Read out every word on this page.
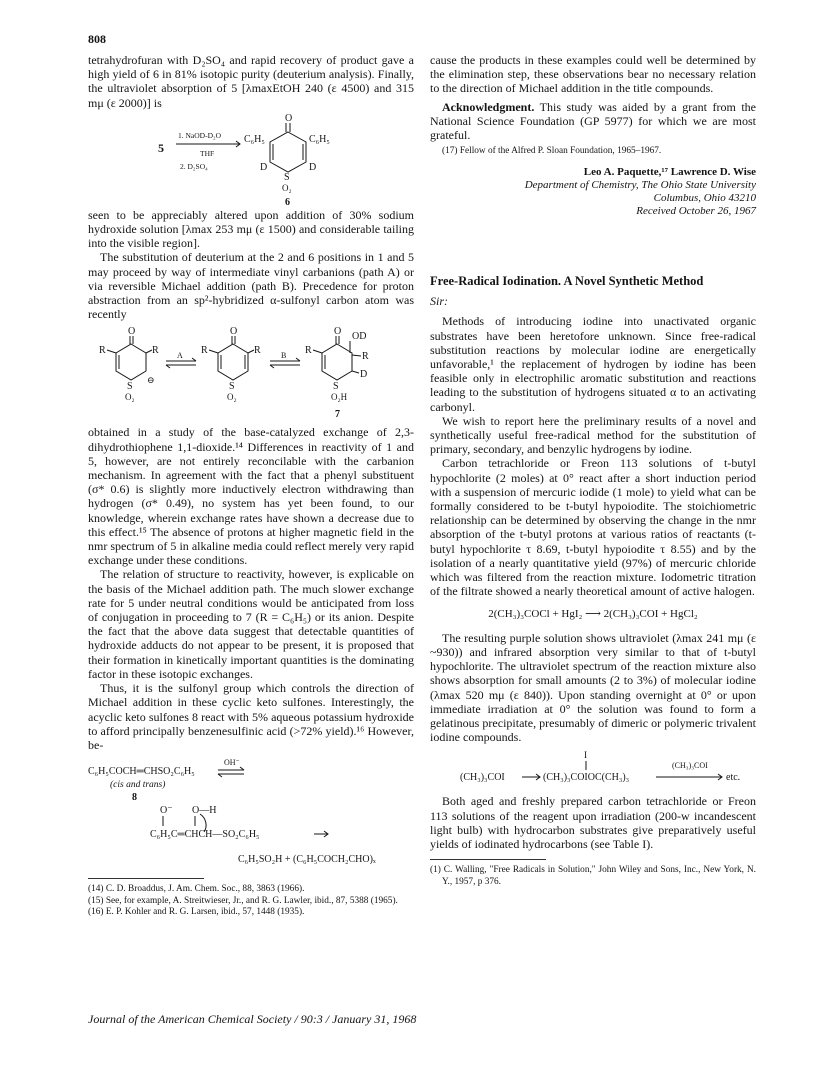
808

tetrahydrofuran with D₂SO₄ and rapid recovery of product gave a high yield of 6 in 81% isotopic purity (deuterium analysis). Finally, the ultraviolet absorption of 5 [λmaxEtOH 240 (ε 4500) and 315 mμ (ε 2000)] is

5
1. NaOD-D₂O
THF
2. D₂SO₄
O
C₆H₅	C₆H₅
D	D
S
O₂
6

seen to be appreciably altered upon addition of 30% sodium hydroxide solution [λmax 253 mμ (ε 1500) and considerable tailing into the visible region].

The substitution of deuterium at the 2 and 6 positions in 1 and 5 may proceed by way of intermediate vinyl carbanions (path A) or via reversible Michael addition (path B). Precedence for proton abstraction from an sp²-hybridized α-sulfonyl carbon atom was recently

O
R	R
S
⊖
O₂
A
O
R	R
S
O₂
B
O OD
R
R
D
S
O₂H
7

obtained in a study of the base-catalyzed exchange of 2,3-dihydrothiophene 1,1-dioxide.¹⁴ Differences in reactivity of 1 and 5, however, are not entirely reconcilable with the carbanion mechanism. In agreement with the fact that a phenyl substituent (σ* 0.6) is slightly more inductively electron withdrawing than hydrogen (σ* 0.49), no system has yet been found, to our knowledge, wherein exchange rates have shown a decrease due to this effect.¹⁵ The absence of protons at higher magnetic field in the nmr spectrum of 5 in alkaline media could reflect merely very rapid exchange under these conditions.

The relation of structure to reactivity, however, is explicable on the basis of the Michael addition path. The much slower exchange rate for 5 under neutral conditions would be anticipated from loss of conjugation in proceeding to 7 (R = C₆H₅) or its anion. Despite the fact that the above data suggest that detectable quantities of hydroxide adducts do not appear to be present, it is proposed that their formation in kinetically important quantities is the dominating factor in these isotopic exchanges.

Thus, it is the sulfonyl group which controls the direction of Michael addition in these cyclic keto sulfones. Interestingly, the acyclic keto sulfones 8 react with 5% aqueous potassium hydroxide to afford principally benzenesulfinic acid (>72% yield).¹⁶ However, be-

C₆H₅COCH═CHSO₂C₆H₅
OH⁻
(cis and trans)
8
O⁻ O—H
C₆H₅C═CHCH—SO₂C₆H₅
C₆H₅SO₂H + (C₆H₅COCH₂CHO)ₓ

(14) C. D. Broaddus, J. Am. Chem. Soc., 88, 3863 (1966).

(15) See, for example, A. Streitwieser, Jr., and R. G. Lawler, ibid., 87, 5388 (1965).

(16) E. P. Kohler and R. G. Larsen, ibid., 57, 1448 (1935).

cause the products in these examples could well be determined by the elimination step, these observations bear no necessary relation to the direction of Michael addition in the title compounds.

Acknowledgment. This study was aided by a grant from the National Science Foundation (GP 5977) for which we are most grateful.

(17) Fellow of the Alfred P. Sloan Foundation, 1965–1967.

Leo A. Paquette,¹⁷ Lawrence D. Wise

Department of Chemistry, The Ohio State University

Columbus, Ohio 43210

Received October 26, 1967

Free-Radical Iodination. A Novel Synthetic Method

Sir:

Methods of introducing iodine into unactivated organic substrates have been heretofore unknown. Since free-radical substitution reactions by molecular iodine are energetically unfavorable,¹ the replacement of hydrogen by iodine has been feasible only in electrophilic aromatic substitution and reactions leading to the substitution of hydrogens situated α to an activating carbonyl.

We wish to report here the preliminary results of a novel and synthetically useful free-radical method for the substitution of primary, secondary, and benzylic hydrogens by iodine.

Carbon tetrachloride or Freon 113 solutions of t-butyl hypochlorite (2 moles) at 0° react after a short induction period with a suspension of mercuric iodide (1 mole) to yield what can be formally considered to be t-butyl hypoiodite. The stoichiometric relationship can be determined by observing the change in the nmr absorption of the t-butyl protons at various ratios of reactants (t-butyl hypochlorite τ 8.69, t-butyl hypoiodite τ 8.55) and by the isolation of a nearly quantitative yield (97%) of mercuric chloride which was filtered from the reaction mixture. Iodometric titration of the filtrate showed a nearly theoretical amount of active halogen.

2(CH₃)₃COCl + HgI₂ ⟶ 2(CH₃)₃COI + HgCl₂

The resulting purple solution shows ultraviolet (λmax 241 mμ (ε ~930)) and infrared absorption very similar to that of t-butyl hypochlorite. The ultraviolet spectrum of the reaction mixture also shows absorption for small amounts (2 to 3%) of molecular iodine (λmax 520 mμ (ε 840)). Upon standing overnight at 0° or upon immediate irradiation at 0° the solution was found to form a gelatinous precipitate, presumably of dimeric or polymeric trivalent iodine compounds.

I
(CH₃)₃COI	(CH₃)₃COIOC(CH₃)₃
(CH₃)₃COI
etc.

Both aged and freshly prepared carbon tetrachloride or Freon 113 solutions of the reagent upon irradiation (200-w incandescent light bulb) with hydrocarbon substrates give preparatively useful yields of iodinated hydrocarbons (see Table I).

(1) C. Walling, "Free Radicals in Solution," John Wiley and Sons, Inc., New York, N. Y., 1957, p 376.

Journal of the American Chemical Society / 90:3 / January 31, 1968
